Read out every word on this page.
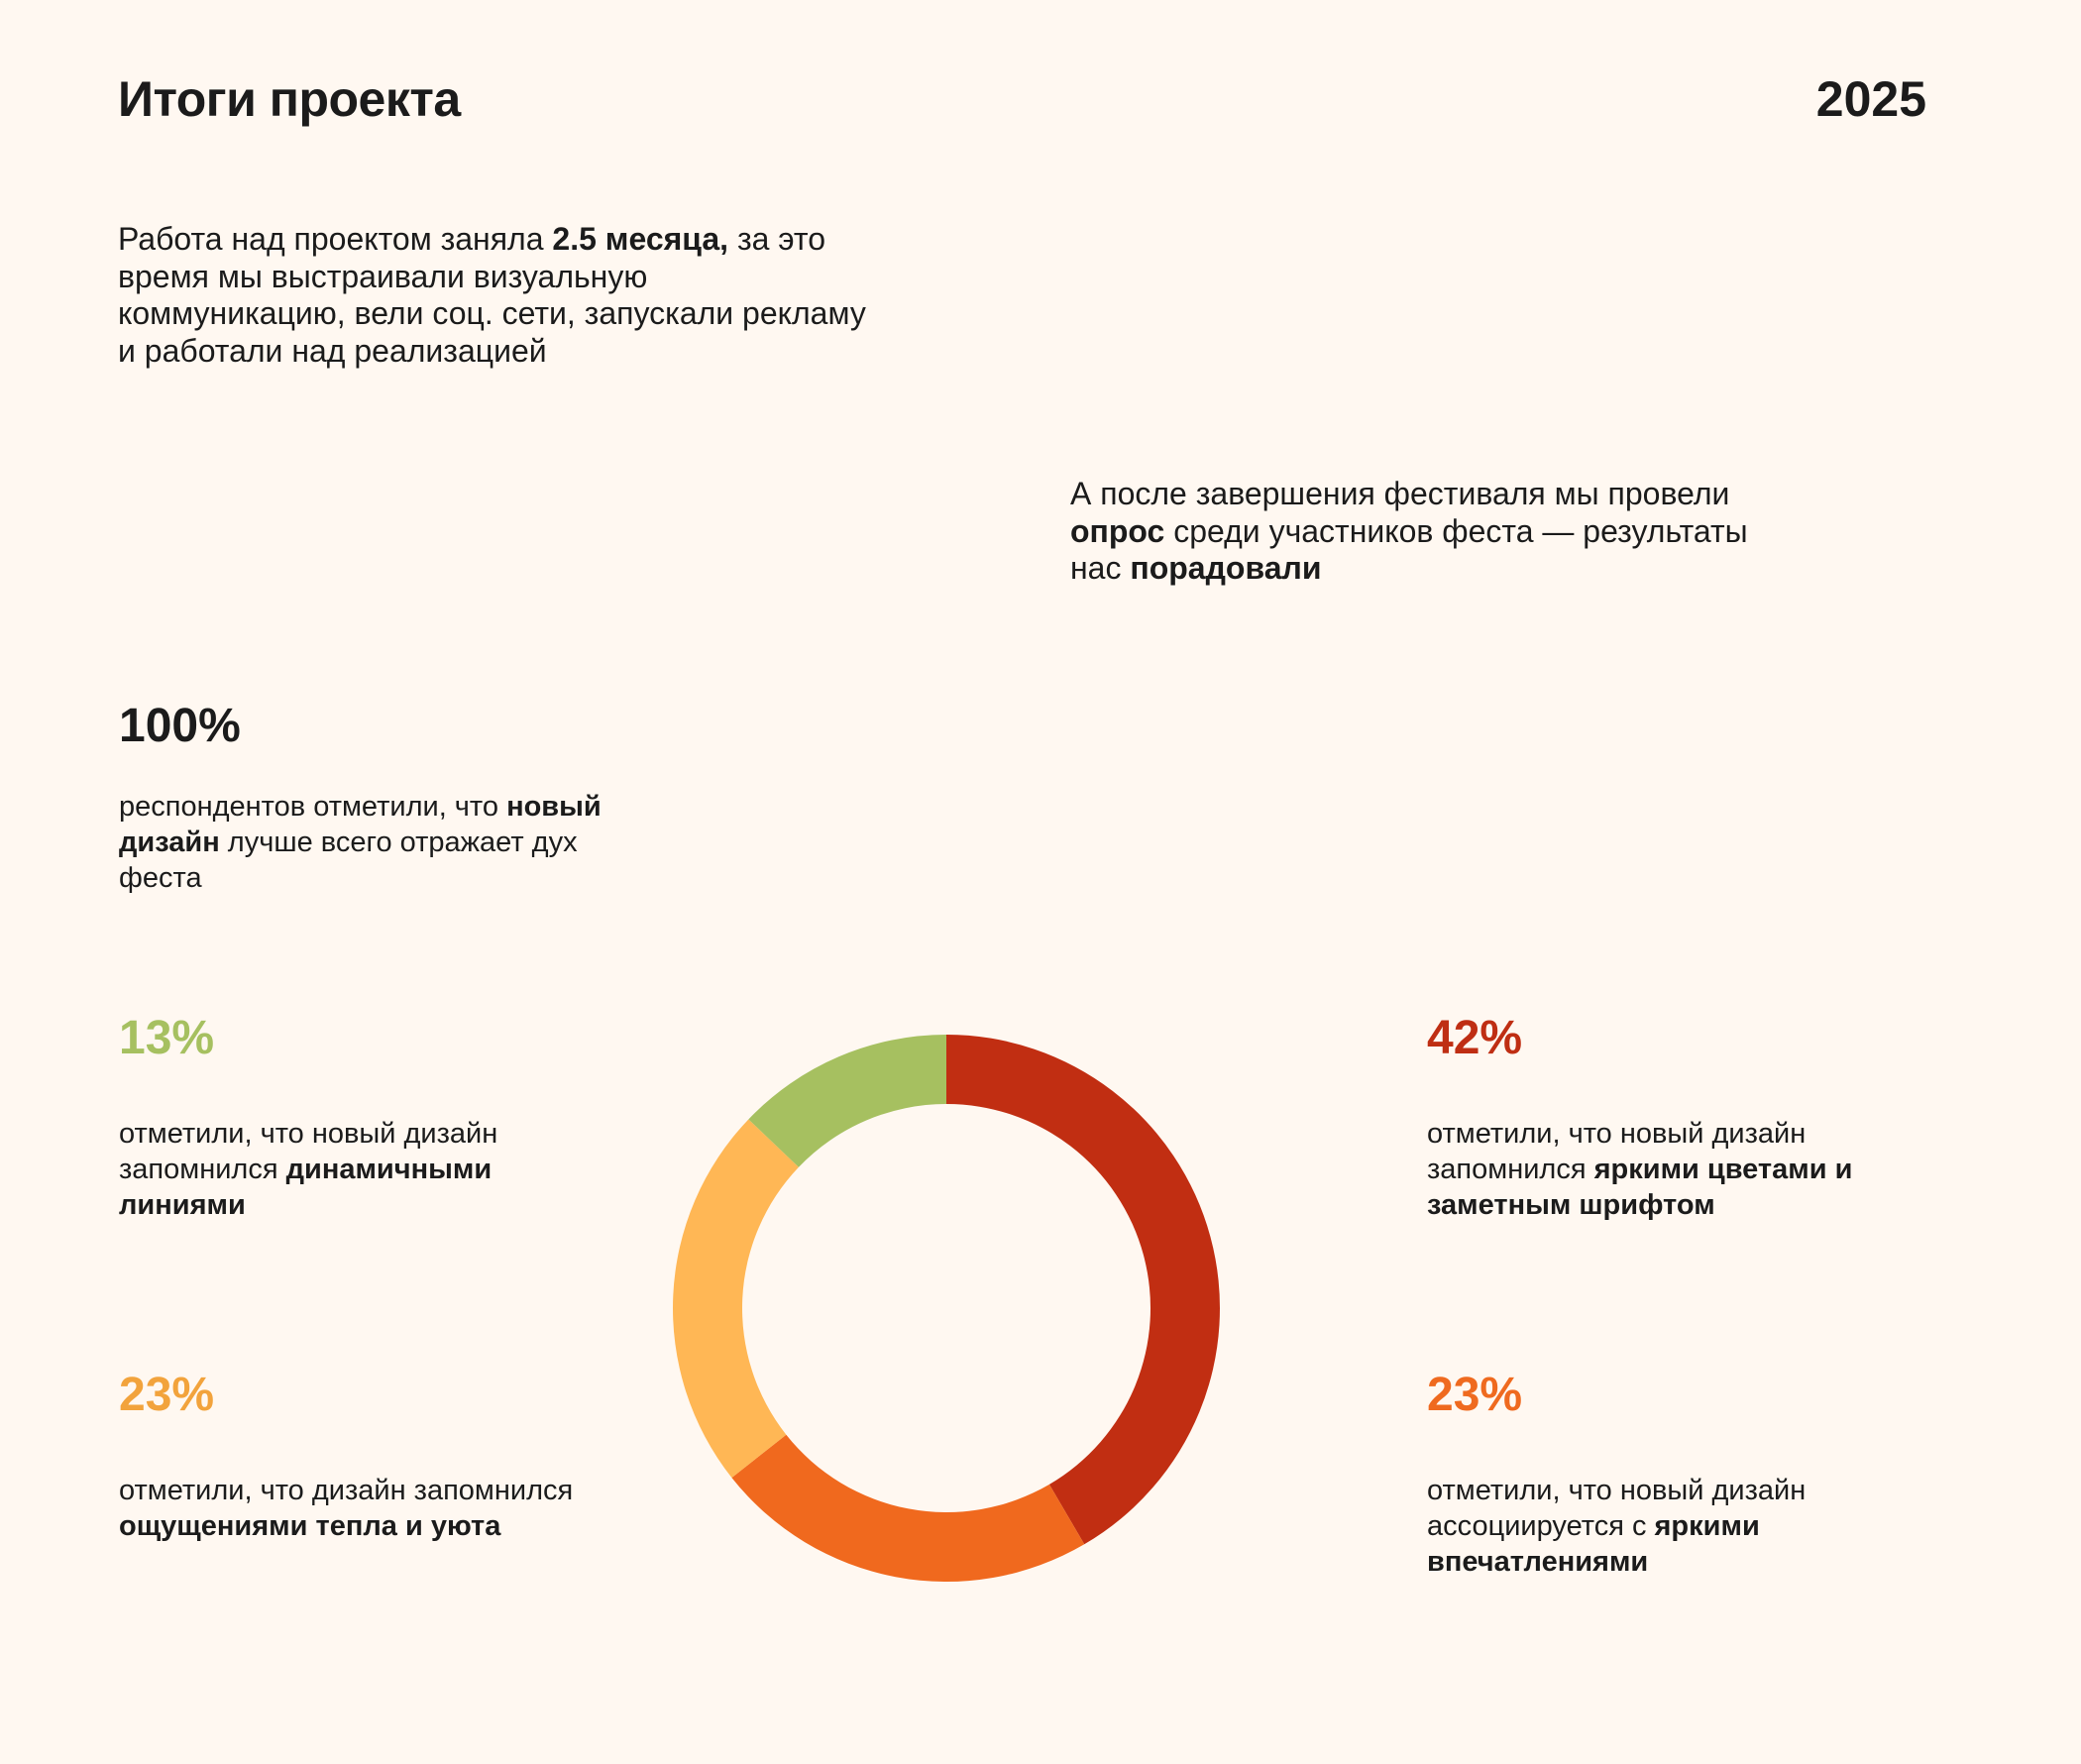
Итоги проекта	2025

Работа над проектом заняла 2.5 месяца, за это время мы выстраивали визуальную коммуникацию, вели соц. сети, запускали рекламу и работали над реализацией

А после завершения фестиваля мы провели опрос среди участников феста — результаты нас порадовали

100%

респондентов отметили, что новый дизайн лучше всего отражает дух феста

13%

отметили, что новый дизайн запомнился динамичными линиями

23%

отметили, что дизайн запомнился ощущениями тепла и уюта

42%

отметили, что новый дизайн запомнился яркими цветами и заметным шрифтом

23%

отметили, что новый дизайн ассоциируется с яркими впечатлениями
